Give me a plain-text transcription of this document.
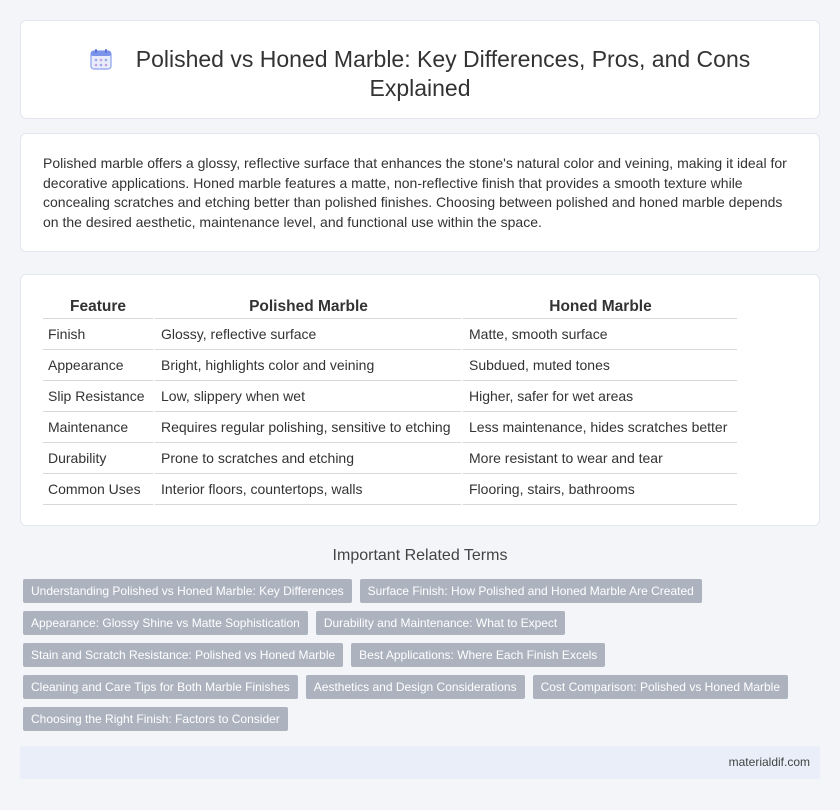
Polished vs Honed Marble: Key Differences, Pros, and Cons Explained

Polished marble offers a glossy, reflective surface that enhances the stone's natural color and veining, making it ideal for decorative applications. Honed marble features a matte, non-reflective finish that provides a smooth texture while concealing scratches and etching better than polished finishes. Choosing between polished and honed marble depends on the desired aesthetic, maintenance level, and functional use within the space.

Feature	Polished Marble	Honed Marble
Finish	Glossy, reflective surface	Matte, smooth surface
Appearance	Bright, highlights color and veining	Subdued, muted tones
Slip Resistance	Low, slippery when wet	Higher, safer for wet areas
Maintenance	Requires regular polishing, sensitive to etching	Less maintenance, hides scratches better
Durability	Prone to scratches and etching	More resistant to wear and tear
Common Uses	Interior floors, countertops, walls	Flooring, stairs, bathrooms
Important Related Terms
Understanding Polished vs Honed Marble: Key Differences	Surface Finish: How Polished and Honed Marble Are Created
Appearance: Glossy Shine vs Matte Sophistication	Durability and Maintenance: What to Expect
Stain and Scratch Resistance: Polished vs Honed Marble	Best Applications: Where Each Finish Excels
Cleaning and Care Tips for Both Marble Finishes	Aesthetics and Design Considerations	Cost Comparison: Polished vs Honed Marble
Choosing the Right Finish: Factors to Consider
materialdif.com
